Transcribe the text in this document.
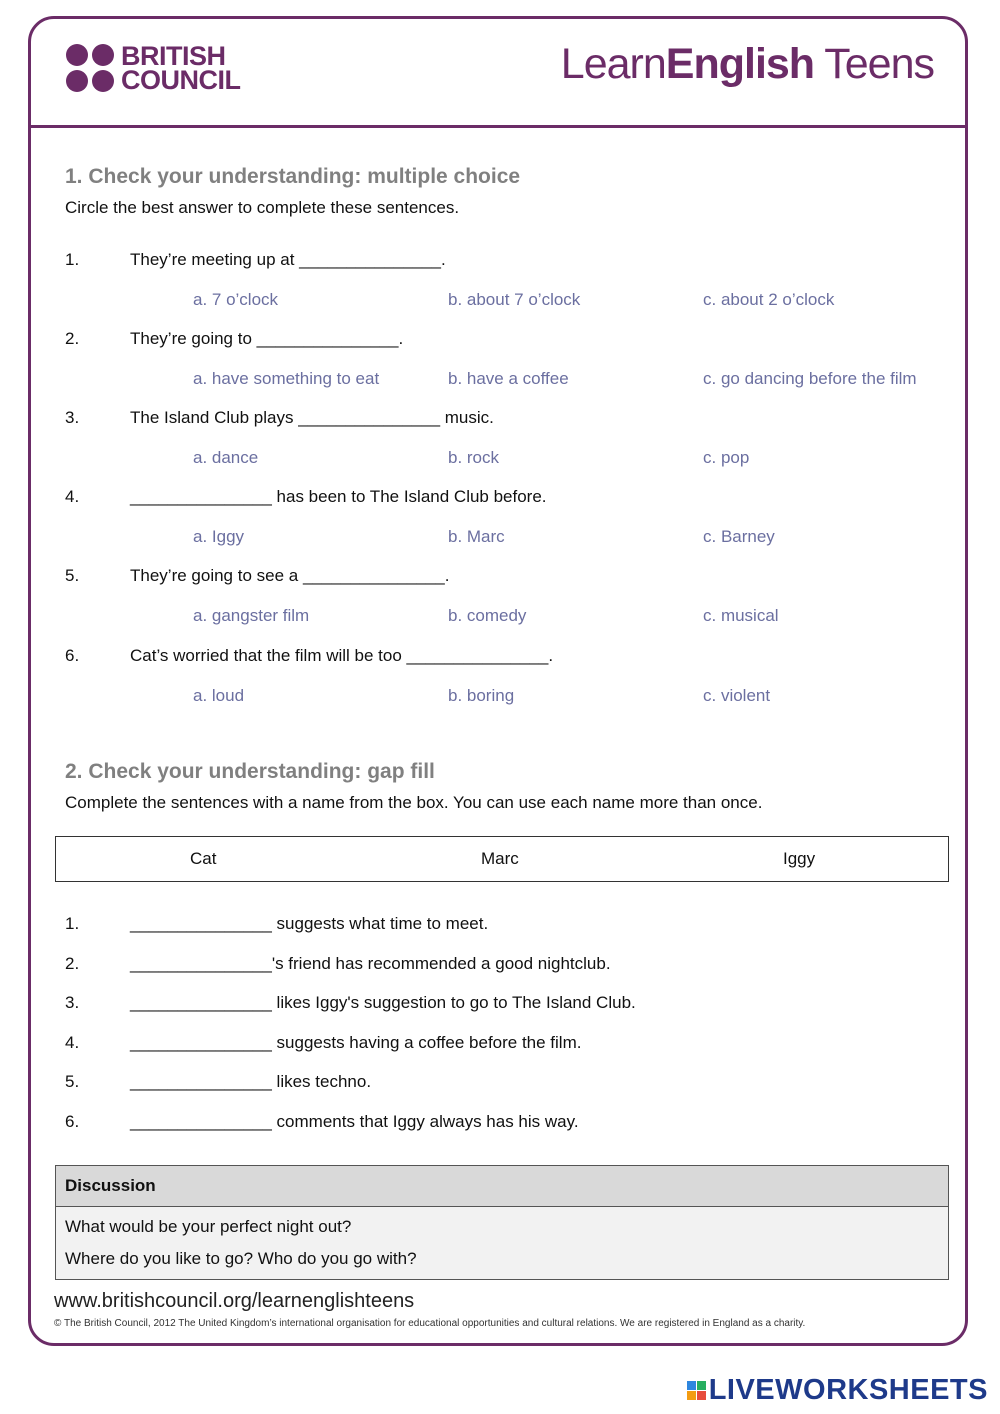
BRITISH
COUNCIL	LearnEnglish Teens
1. Check your understanding: multiple choice
Circle the best answer to complete these sentences.
1.	They’re meeting up at _______________.
a. 7 o’clock	b. about 7 o’clock	c. about 2 o’clock
2.	They’re going to _______________.
a. have something to eat	b. have a coffee	c. go dancing before the film
3.	The Island Club plays _______________ music.
a. dance	b. rock	c. pop
4.	_______________ has been to The Island Club before.
a. Iggy	b. Marc	c. Barney
5.	They’re going to see a _______________.
a. gangster film	b. comedy	c. musical
6.	Cat’s worried that the film will be too _______________.
a. loud	b. boring	c. violent
2. Check your understanding: gap fill
Complete the sentences with a name from the box. You can use each name more than once.
Cat	Marc	Iggy
1.	_______________ suggests what time to meet.
2.	_______________'s friend has recommended a good nightclub.
3.	_______________ likes Iggy's suggestion to go to The Island Club.
4.	_______________ suggests having a coffee before the film.
5.	_______________ likes techno.
6.	_______________ comments that Iggy always has his way.
Discussion
What would be your perfect night out?
Where do you like to go? Who do you go with?
www.britishcouncil.org/learnenglishteens
© The British Council, 2012 The United Kingdom’s international organisation for educational opportunities and cultural relations. We are registered in England as a charity.
LIVEWORKSHEETS
